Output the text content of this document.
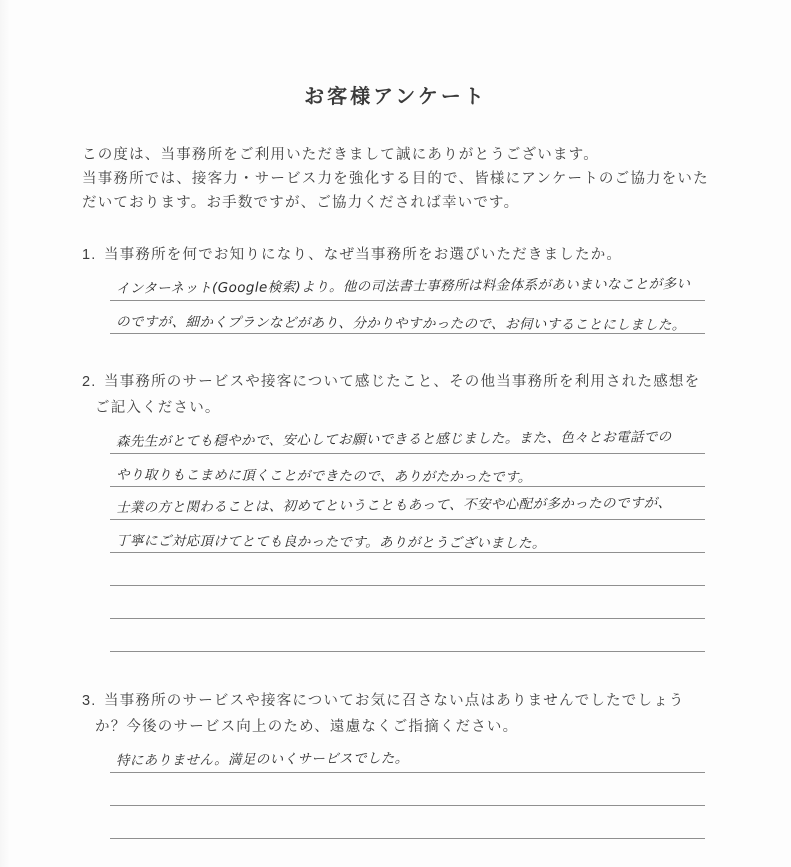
お客様アンケート
この度は、当事務所をご利用いただきまして誠にありがとうございます。
当事務所では、接客力・サービス力を強化する目的で、皆様にアンケートのご協力をいた
だいております。お手数ですが、ご協力くだされば幸いです。
1. 当事務所を何でお知りになり、なぜ当事務所をお選びいただきましたか。
インターネット(Google検索)より。他の司法書士事務所は料金体系があいまいなことが多い
のですが、細かくプランなどがあり、分かりやすかったので、お伺いすることにしました。
2. 当事務所のサービスや接客について感じたこと、その他当事務所を利用された感想を
ご記入ください。
森先生がとても穏やかで、安心してお願いできると感じました。また、色々とお電話での
やり取りもこまめに頂くことができたので、ありがたかったです。
士業の方と関わることは、初めてということもあって、不安や心配が多かったのですが、
丁寧にご対応頂けてとても良かったです。ありがとうございました。
3. 当事務所のサービスや接客についてお気に召さない点はありませんでしたでしょう
か？今後のサービス向上のため、遠慮なくご指摘ください。
特にありません。満足のいくサービスでした。
